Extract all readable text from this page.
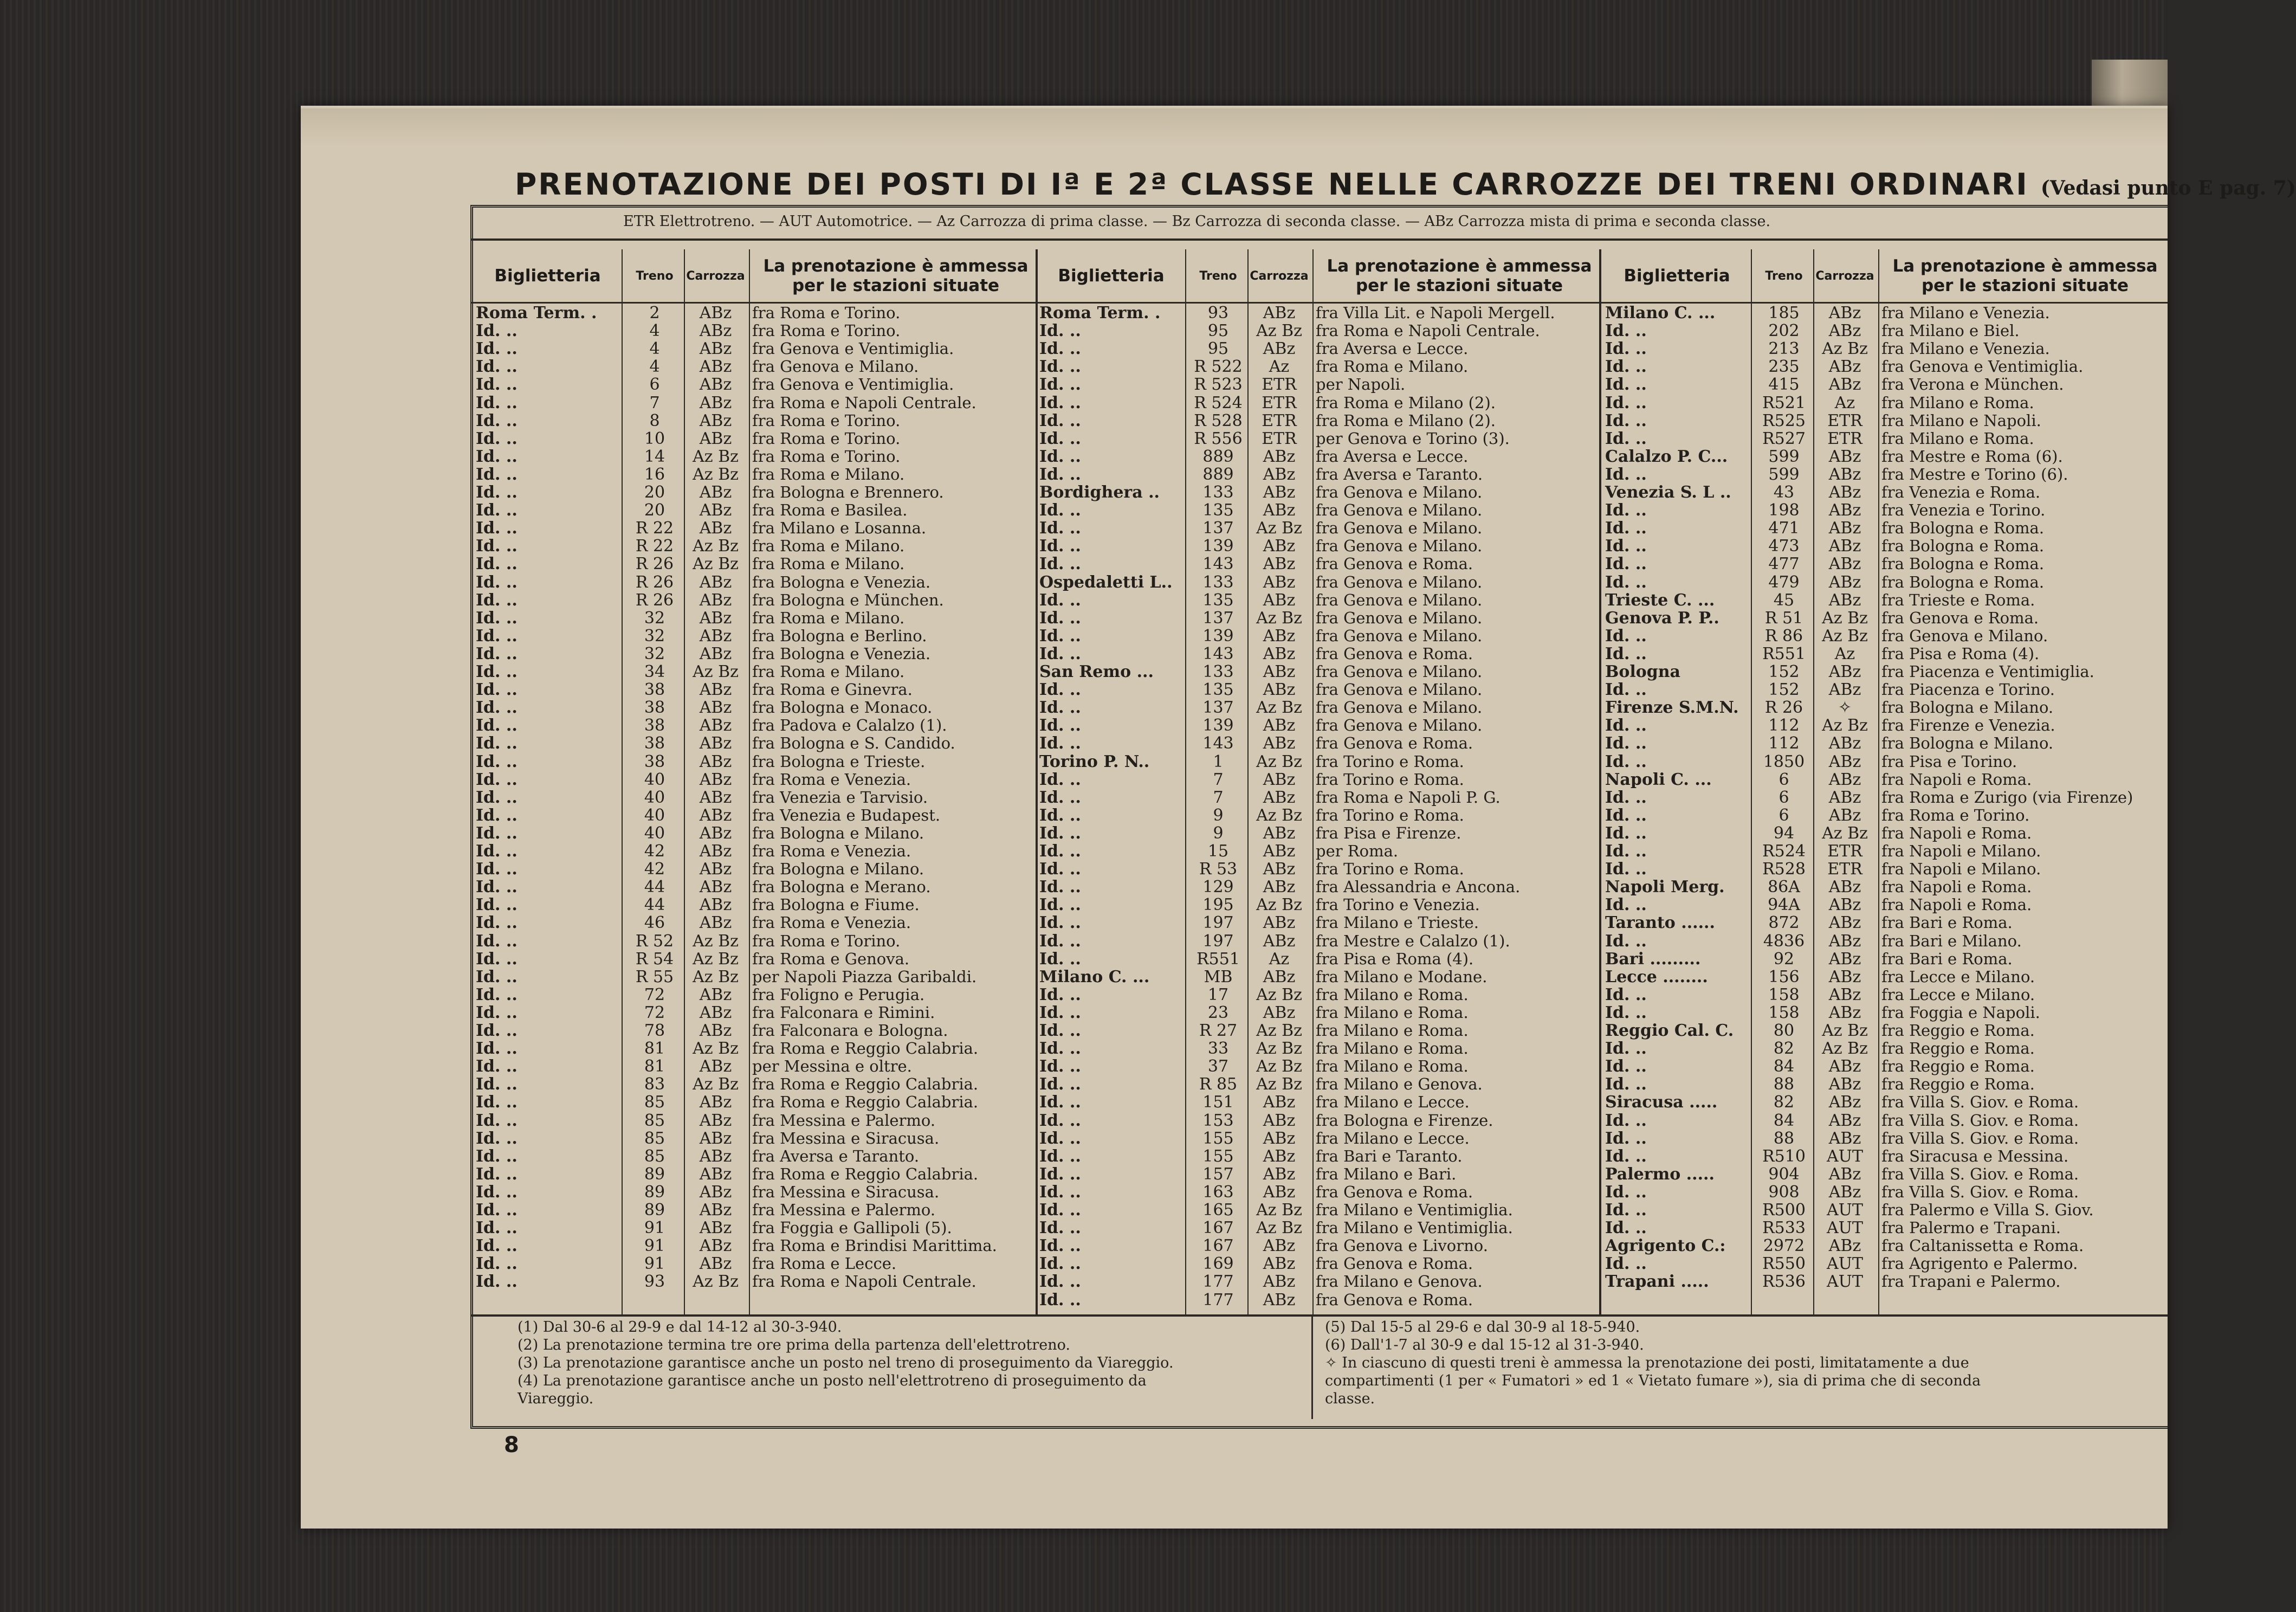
PRENOTAZIONE DEI POSTI DI Iª E 2ª CLASSE NELLE CARROZZE DEI TRENI ORDINARI (Vedasi punto E pag. 7)
ETR Elettrotreno. — AUT Automotrice. — Az Carrozza di prima classe. — Bz Carrozza di seconda classe. — ABz Carrozza mista di prima e seconda classe.
Biglietteria	Treno	Carrozza
La prenotazione è ammessa per le stazioni situate
Roma Term. .	2	ABz	fra Roma e Torino.
Id. ..	4	ABz	fra Roma e Torino.
Id. ..	4	ABz	fra Genova e Ventimiglia.
Id. ..	4	ABz	fra Genova e Milano.
Id. ..	6	ABz	fra Genova e Ventimiglia.
Id. ..	7	ABz	fra Roma e Napoli Centrale.
Id. ..	8	ABz	fra Roma e Torino.
Id. ..	10	ABz	fra Roma e Torino.
Id. ..	14	Az Bz fra Roma e Torino.
Id. ..	16	Az Bz fra Roma e Milano.
Id. ..	20	ABz	fra Bologna e Brennero.
Id. ..	20	ABz	fra Roma e Basilea.
Id. ..	R 22	ABz	fra Milano e Losanna.
Id. ..	R 22	Az Bz fra Roma e Milano.
Id. ..	R 26	Az Bz fra Roma e Milano.
Id. ..	R 26	ABz	fra Bologna e Venezia.
Id. ..	R 26	ABz	fra Bologna e München.
Id. ..	32	ABz	fra Roma e Milano.
Id. ..	32	ABz	fra Bologna e Berlino.
Id. ..	32	ABz	fra Bologna e Venezia.
Id. ..	34	Az Bz fra Roma e Milano.
Id. ..	38	ABz	fra Roma e Ginevra.
Id. ..	38	ABz	fra Bologna e Monaco.
Id. ..	38	ABz	fra Padova e Calalzo (1).
Id. ..	38	ABz	fra Bologna e S. Candido.
Id. ..	38	ABz	fra Bologna e Trieste.
Id. ..	40	ABz	fra Roma e Venezia.
Id. ..	40	ABz	fra Venezia e Tarvisio.
Id. ..	40	ABz	fra Venezia e Budapest.
Id. ..	40	ABz	fra Bologna e Milano.
Id. ..	42	ABz	fra Roma e Venezia.
Id. ..	42	ABz	fra Bologna e Milano.
Id. ..	44	ABz	fra Bologna e Merano.
Id. ..	44	ABz	fra Bologna e Fiume.
Id. ..	46	ABz	fra Roma e Venezia.
Id. ..	R 52	Az Bz fra Roma e Torino.
Id. ..	R 54	Az Bz fra Roma e Genova.
Id. ..	R 55	Az Bz per Napoli Piazza Garibaldi.
Id. ..	72	ABz	fra Foligno e Perugia.
Id. ..	72	ABz	fra Falconara e Rimini.
Id. ..	78	ABz	fra Falconara e Bologna.
Id. ..	81	Az Bz fra Roma e Reggio Calabria.
Id. ..	81	ABz	per Messina e oltre.
Id. ..	83	Az Bz fra Roma e Reggio Calabria.
Id. ..	85	ABz	fra Roma e Reggio Calabria.
Id. ..	85	ABz	fra Messina e Palermo.
Id. ..	85	ABz	fra Messina e Siracusa.
Id. ..	85	ABz	fra Aversa e Taranto.
Id. ..	89	ABz	fra Roma e Reggio Calabria.
Id. ..	89	ABz	fra Messina e Siracusa.
Id. ..	89	ABz	fra Messina e Palermo.
Id. ..	91	ABz	fra Foggia e Gallipoli (5).
Id. ..	91	ABz	fra Roma e Brindisi Marittima.
Id. ..	91	ABz	fra Roma e Lecce.
Id. ..	93	Az Bz fra Roma e Napoli Centrale.
Biglietteria	Treno	Carrozza
La prenotazione è ammessa per le stazioni situate
Roma Term. .	93	ABz	fra Villa Lit. e Napoli Mergell.
Id. ..	95	Az Bz fra Roma e Napoli Centrale.
Id. ..	95	ABz	fra Aversa e Lecce.
Id. ..	R 522	Az	fra Roma e Milano.
Id. ..	R 523	ETR	per Napoli.
Id. ..	R 524	ETR	fra Roma e Milano (2).
Id. ..	R 528	ETR	fra Roma e Milano (2).
Id. ..	R 556	ETR	per Genova e Torino (3).
Id. ..	889	ABz	fra Aversa e Lecce.
Id. ..	889	ABz	fra Aversa e Taranto.
Bordighera ..	133	ABz	fra Genova e Milano.
Id. ..	135	ABz	fra Genova e Milano.
Id. ..	137	Az Bz fra Genova e Milano.
Id. ..	139	ABz	fra Genova e Milano.
Id. ..	143	ABz	fra Genova e Roma.
Ospedaletti L..	133	ABz	fra Genova e Milano.
Id. ..	135	ABz	fra Genova e Milano.
Id. ..	137	Az Bz fra Genova e Milano.
Id. ..	139	ABz	fra Genova e Milano.
Id. ..	143	ABz	fra Genova e Roma.
San Remo ...	133	ABz	fra Genova e Milano.
Id. ..	135	ABz	fra Genova e Milano.
Id. ..	137	Az Bz fra Genova e Milano.
Id. ..	139	ABz	fra Genova e Milano.
Id. ..	143	ABz	fra Genova e Roma.
Torino P. N..	1	Az Bz fra Torino e Roma.
Id. ..	7	ABz	fra Torino e Roma.
Id. ..	7	ABz	fra Roma e Napoli P. G.
Id. ..	9	Az Bz fra Torino e Roma.
Id. ..	9	ABz	fra Pisa e Firenze.
Id. ..	15	ABz	per Roma.
Id. ..	R 53	ABz	fra Torino e Roma.
Id. ..	129	ABz	fra Alessandria e Ancona.
Id. ..	195	Az Bz fra Torino e Venezia.
Id. ..	197	ABz	fra Milano e Trieste.
Id. ..	197	ABz	fra Mestre e Calalzo (1).
Id. ..	R551	Az	fra Pisa e Roma (4).
Milano C. ...	MB	ABz	fra Milano e Modane.
Id. ..	17	Az Bz fra Milano e Roma.
Id. ..	23	ABz	fra Milano e Roma.
Id. ..	R 27	Az Bz fra Milano e Roma.
Id. ..	33	Az Bz fra Milano e Roma.
Id. ..	37	Az Bz fra Milano e Roma.
Id. ..	R 85	Az Bz fra Milano e Genova.
Id. ..	151	ABz	fra Milano e Lecce.
Id. ..	153	ABz	fra Bologna e Firenze.
Id. ..	155	ABz	fra Milano e Lecce.
Id. ..	155	ABz	fra Bari e Taranto.
Id. ..	157	ABz	fra Milano e Bari.
Id. ..	163	ABz	fra Genova e Roma.
Id. ..	165	Az Bz fra Milano e Ventimiglia.
Id. ..	167	Az Bz fra Milano e Ventimiglia.
Id. ..	167	ABz	fra Genova e Livorno.
Id. ..	169	ABz	fra Genova e Roma.
Id. ..	177	ABz	fra Milano e Genova.
Id. ..	177	ABz	fra Genova e Roma.
Biglietteria	Treno	Carrozza
La prenotazione è ammessa per le stazioni situate
Milano C. ...	185	ABz	fra Milano e Venezia.
Id. ..	202	ABz	fra Milano e Biel.
Id. ..	213	Az Bz fra Milano e Venezia.
Id. ..	235	ABz	fra Genova e Ventimiglia.
Id. ..	415	ABz	fra Verona e München.
Id. ..	R521	Az	fra Milano e Roma.
Id. ..	R525	ETR	fra Milano e Napoli.
Id. ..	R527	ETR	fra Milano e Roma.
Calalzo P. C...	599	ABz	fra Mestre e Roma (6).
Id. ..	599	ABz	fra Mestre e Torino (6).
Venezia S. L ..	43	ABz	fra Venezia e Roma.
Id. ..	198	ABz	fra Venezia e Torino.
Id. ..	471	ABz	fra Bologna e Roma.
Id. ..	473	ABz	fra Bologna e Roma.
Id. ..	477	ABz	fra Bologna e Roma.
Id. ..	479	ABz	fra Bologna e Roma.
Trieste C. ...	45	ABz	fra Trieste e Roma.
Genova P. P..	R 51	Az Bz fra Genova e Roma.
Id. ..	R 86	Az Bz fra Genova e Milano.
Id. ..	R551	Az	fra Pisa e Roma (4).
Bologna	152	ABz	fra Piacenza e Ventimiglia.
Id. ..	152	ABz	fra Piacenza e Torino.
Firenze S.M.N.	R 26	✧	fra Bologna e Milano.
Id. ..	112	Az Bz fra Firenze e Venezia.
Id. ..	112	ABz	fra Bologna e Milano.
Id. ..	1850	ABz	fra Pisa e Torino.
Napoli C. ...	6	ABz	fra Napoli e Roma.
Id. ..	6	ABz	fra Roma e Zurigo (via Firenze)
Id. ..	6	ABz	fra Roma e Torino.
Id. ..	94	Az Bz fra Napoli e Roma.
Id. ..	R524	ETR	fra Napoli e Milano.
Id. ..	R528	ETR	fra Napoli e Milano.
Napoli Merg.	86A	ABz	fra Napoli e Roma.
Id. ..	94A	ABz	fra Napoli e Roma.
Taranto ......	872	ABz	fra Bari e Roma.
Id. ..	4836	ABz	fra Bari e Milano.
Bari .........	92	ABz	fra Bari e Roma.
Lecce ........	156	ABz	fra Lecce e Milano.
Id. ..	158	ABz	fra Lecce e Milano.
Id. ..	158	ABz	fra Foggia e Napoli.
Reggio Cal. C.	80	Az Bz fra Reggio e Roma.
Id. ..	82	Az Bz fra Reggio e Roma.
Id. ..	84	ABz	fra Reggio e Roma.
Id. ..	88	ABz	fra Reggio e Roma.
Siracusa .....	82	ABz	fra Villa S. Giov. e Roma.
Id. ..	84	ABz	fra Villa S. Giov. e Roma.
Id. ..	88	ABz	fra Villa S. Giov. e Roma.
Id. ..	R510	AUT	fra Siracusa e Messina.
Palermo .....	904	ABz	fra Villa S. Giov. e Roma.
Id. ..	908	ABz	fra Villa S. Giov. e Roma.
Id. ..	R500	AUT	fra Palermo e Villa S. Giov.
Id. ..	R533	AUT	fra Palermo e Trapani.
Agrigento C.:	2972	ABz	fra Caltanissetta e Roma.
Id. ..	R550	AUT	fra Agrigento e Palermo.
Trapani .....	R536	AUT	fra Trapani e Palermo.
(1) Dal 30-6 al 29-9 e dal 14-12 al 30-3-940.
(2) La prenotazione termina tre ore prima della partenza dell'elettrotreno.
(3) La prenotazione garantisce anche un posto nel treno di proseguimento da Viareggio.
(4) La prenotazione garantisce anche un posto nell'elettrotreno di proseguimento da
Viareggio.
(5) Dal 15-5 al 29-6 e dal 30-9 al 18-5-940.
(6) Dall'1-7 al 30-9 e dal 15-12 al 31-3-940.
✧ In ciascuno di questi treni è ammessa la prenotazione dei posti, limitatamente a due
compartimenti (1 per « Fumatori » ed 1 « Vietato fumare »), sia di prima che di seconda
classe.
8
